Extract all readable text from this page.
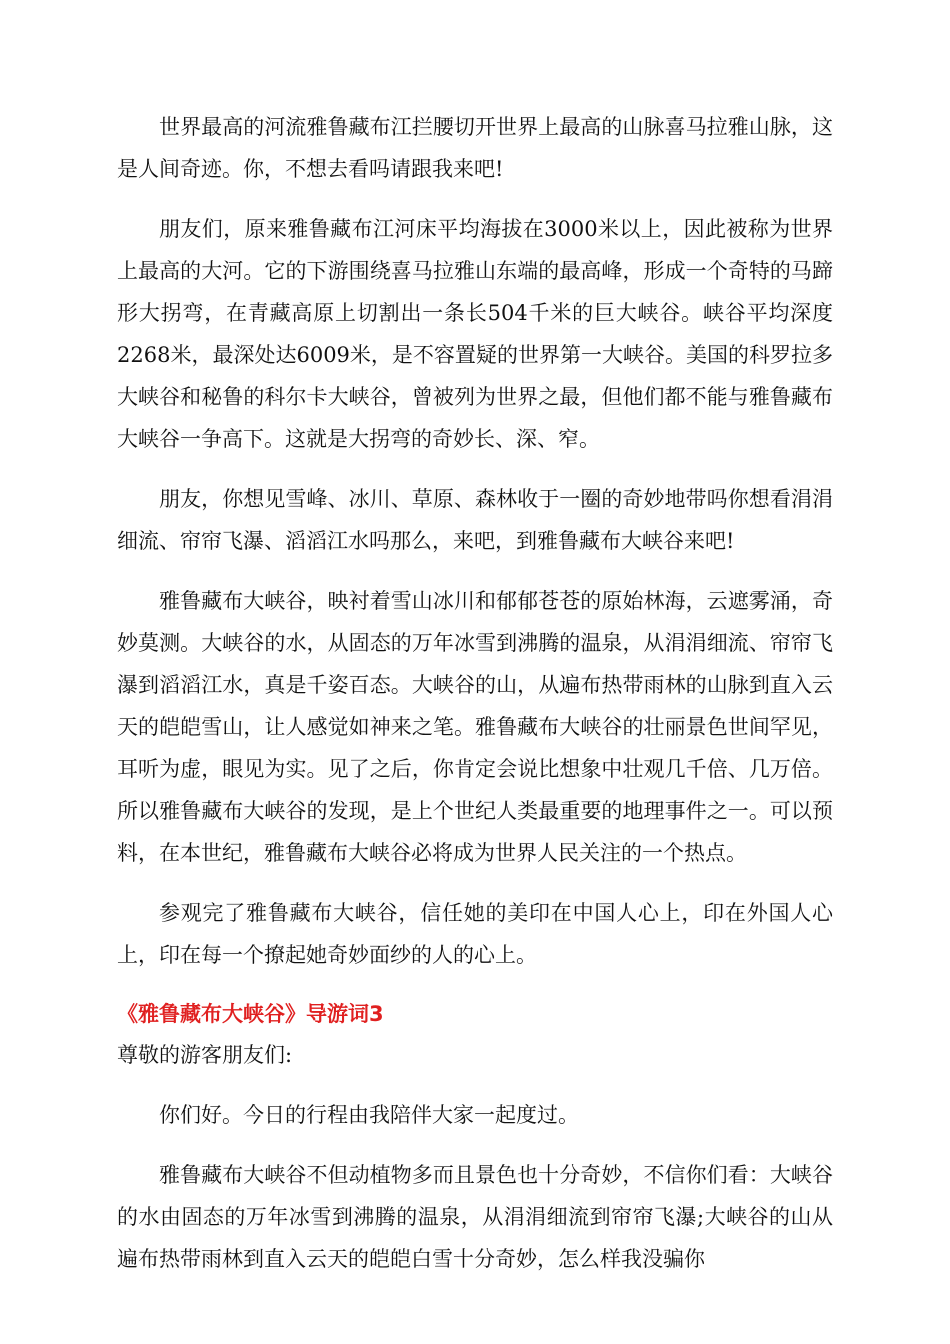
世界最高的河流雅鲁藏布江拦腰切开世界上最高的山脉喜马拉雅山脉，这是人间奇迹。你，不想去看吗请跟我来吧!

朋友们，原来雅鲁藏布江河床平均海拔在3000米以上，因此被称为世界上最高的大河。它的下游围绕喜马拉雅山东端的最高峰，形成一个奇特的马蹄形大拐弯，在青藏高原上切割出一条长504千米的巨大峡谷。峡谷平均深度2268米，最深处达6009米，是不容置疑的世界第一大峡谷。美国的科罗拉多大峡谷和秘鲁的科尔卡大峡谷，曾被列为世界之最，但他们都不能与雅鲁藏布大峡谷一争高下。这就是大拐弯的奇妙长、深、窄。

朋友，你想见雪峰、冰川、草原、森林收于一圈的奇妙地带吗你想看涓涓细流、帘帘飞瀑、滔滔江水吗那么，来吧，到雅鲁藏布大峡谷来吧!

雅鲁藏布大峡谷，映衬着雪山冰川和郁郁苍苍的原始林海，云遮雾涌，奇妙莫测。大峡谷的水，从固态的万年冰雪到沸腾的温泉，从涓涓细流、帘帘飞瀑到滔滔江水，真是千姿百态。大峡谷的山，从遍布热带雨林的山脉到直入云天的皑皑雪山，让人感觉如神来之笔。雅鲁藏布大峡谷的壮丽景色世间罕见，耳听为虚，眼见为实。见了之后，你肯定会说比想象中壮观几千倍、几万倍。所以雅鲁藏布大峡谷的发现，是上个世纪人类最重要的地理事件之一。可以预料，在本世纪，雅鲁藏布大峡谷必将成为世界人民关注的一个热点。

参观完了雅鲁藏布大峡谷，信任她的美印在中国人心上，印在外国人心上，印在每一个撩起她奇妙面纱的人的心上。

《雅鲁藏布大峡谷》导游词3

尊敬的游客朋友们:

你们好。今日的行程由我陪伴大家一起度过。

雅鲁藏布大峡谷不但动植物多而且景色也十分奇妙，不信你们看：大峡谷的水由固态的万年冰雪到沸腾的温泉，从涓涓细流到帘帘飞瀑;大峡谷的山从遍布热带雨林到直入云天的皑皑白雪十分奇妙，怎么样我没骗你
